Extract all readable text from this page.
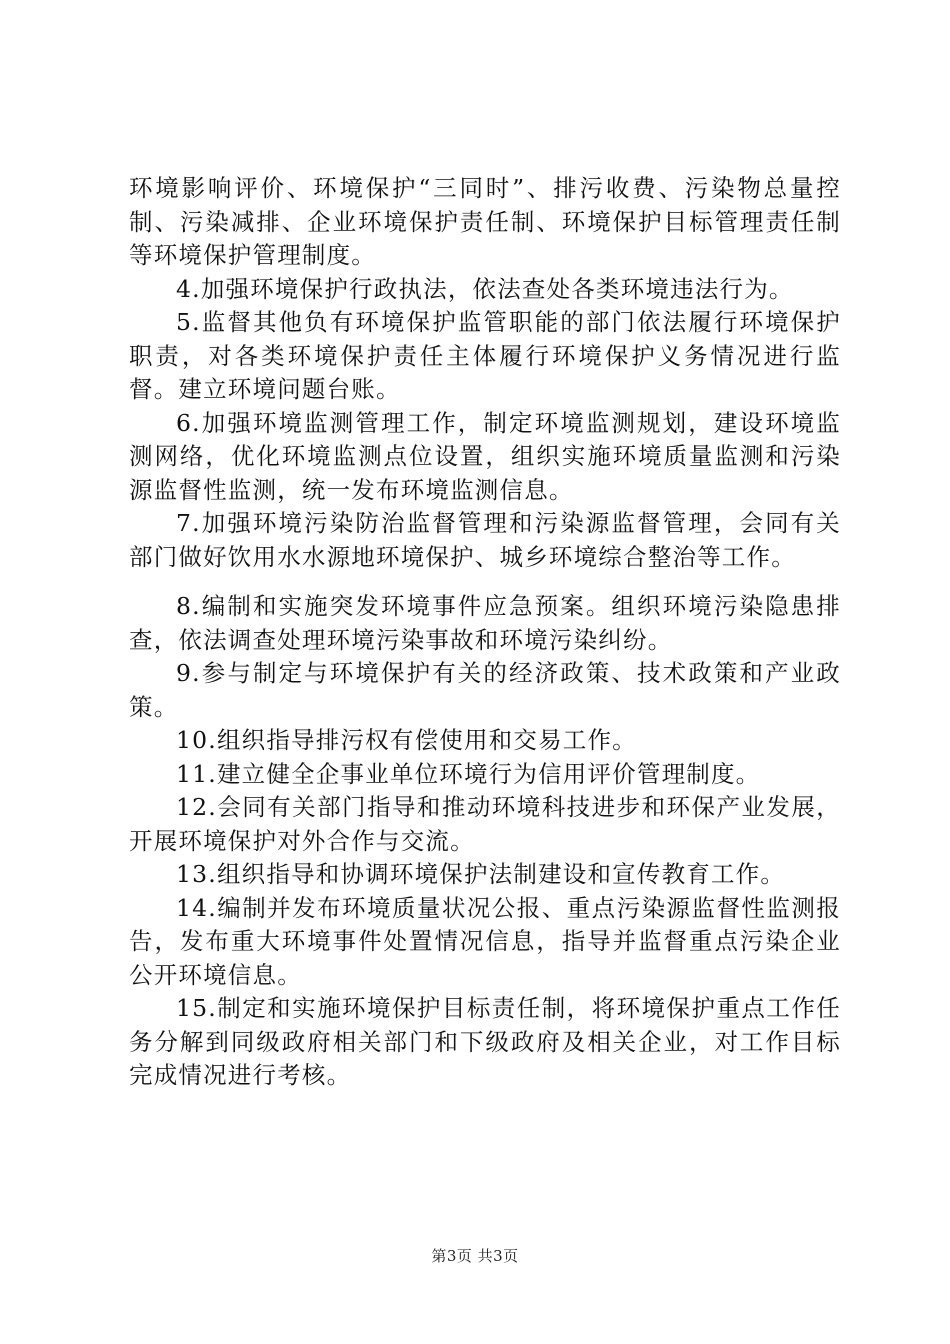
环境影响评价、环境保护“三同时”、排污收费、污染物总量控制、污染减排、企业环境保护责任制、环境保护目标管理责任制等环境保护管理制度。

4.加强环境保护行政执法，依法查处各类环境违法行为。

5.监督其他负有环境保护监管职能的部门依法履行环境保护职责，对各类环境保护责任主体履行环境保护义务情况进行监督。建立环境问题台账。

6.加强环境监测管理工作，制定环境监测规划，建设环境监测网络，优化环境监测点位设置，组织实施环境质量监测和污染源监督性监测，统一发布环境监测信息。

7.加强环境污染防治监督管理和污染源监督管理，会同有关部门做好饮用水水源地环境保护、城乡环境综合整治等工作。

8.编制和实施突发环境事件应急预案。组织环境污染隐患排查，依法调查处理环境污染事故和环境污染纠纷。

9.参与制定与环境保护有关的经济政策、技术政策和产业政策。

10.组织指导排污权有偿使用和交易工作。

11.建立健全企事业单位环境行为信用评价管理制度。

12.会同有关部门指导和推动环境科技进步和环保产业发展，开展环境保护对外合作与交流。

13.组织指导和协调环境保护法制建设和宣传教育工作。

14.编制并发布环境质量状况公报、重点污染源监督性监测报告，发布重大环境事件处置情况信息，指导并监督重点污染企业公开环境信息。

15.制定和实施环境保护目标责任制，将环境保护重点工作任务分解到同级政府相关部门和下级政府及相关企业，对工作目标完成情况进行考核。

第3页 共3页
